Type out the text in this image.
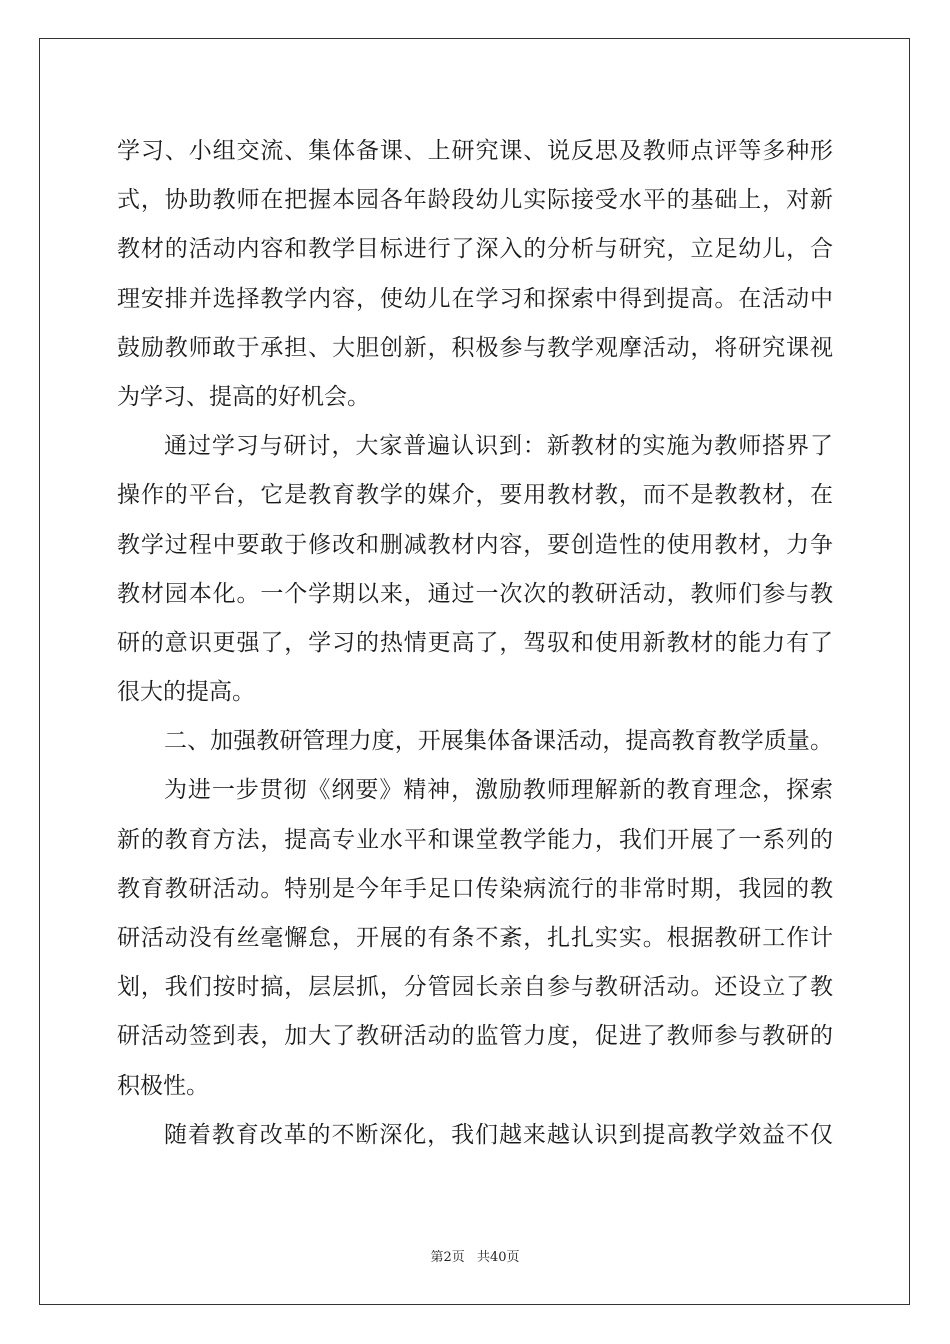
学习、小组交流、集体备课、上研究课、说反思及教师点评等多种形
式，协助教师在把握本园各年龄段幼儿实际接受水平的基础上，对新
教材的活动内容和教学目标进行了深入的分析与研究，立足幼儿，合
理安排并选择教学内容，使幼儿在学习和探索中得到提高。在活动中
鼓励教师敢于承担、大胆创新，积极参与教学观摩活动，将研究课视
为学习、提高的好机会。
通过学习与研讨，大家普遍认识到：新教材的实施为教师搭界了
操作的平台，它是教育教学的媒介，要用教材教，而不是教教材，在
教学过程中要敢于修改和删减教材内容，要创造性的使用教材，力争
教材园本化。一个学期以来，通过一次次的教研活动，教师们参与教
研的意识更强了，学习的热情更高了，驾驭和使用新教材的能力有了
很大的提高。
二、加强教研管理力度，开展集体备课活动，提高教育教学质量。
为进一步贯彻《纲要》精神，激励教师理解新的教育理念，探索
新的教育方法，提高专业水平和课堂教学能力，我们开展了一系列的
教育教研活动。特别是今年手足口传染病流行的非常时期，我园的教
研活动没有丝毫懈怠，开展的有条不紊，扎扎实实。根据教研工作计
划，我们按时搞，层层抓，分管园长亲自参与教研活动。还设立了教
研活动签到表，加大了教研活动的监管力度，促进了教师参与教研的
积极性。
随着教育改革的不断深化，我们越来越认识到提高教学效益不仅
第2页 共40页
